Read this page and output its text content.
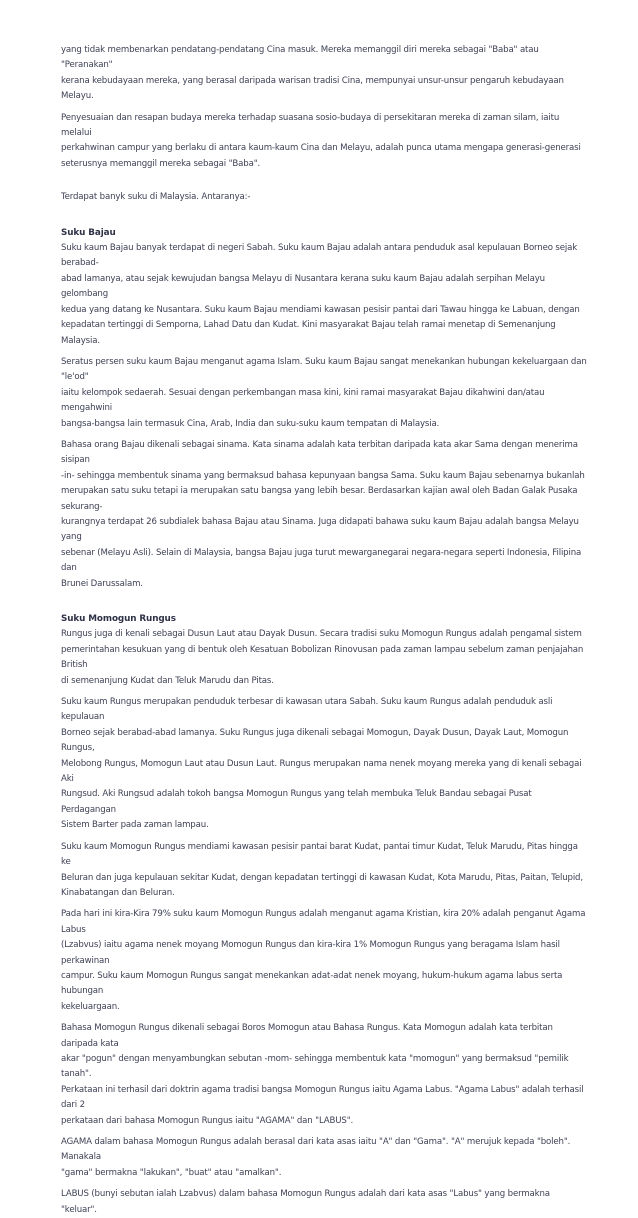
yang tidak membenarkan pendatang-pendatang Cina masuk. Mereka memanggil diri mereka sebagai "Baba" atau "Peranakan"
kerana kebudayaan mereka, yang berasal daripada warisan tradisi Cina, mempunyai unsur-unsur pengaruh kebudayaan Melayu.

Penyesuaian dan resapan budaya mereka terhadap suasana sosio-budaya di persekitaran mereka di zaman silam, iaitu melalui
perkahwinan campur yang berlaku di antara kaum-kaum Cina dan Melayu, adalah punca utama mengapa generasi-generasi
seterusnya memanggil mereka sebagai "Baba".

Terdapat banyk suku di Malaysia. Antaranya:-

Suku Bajau

Suku kaum Bajau banyak terdapat di negeri Sabah. Suku kaum Bajau adalah antara penduduk asal kepulauan Borneo sejak berabad-
abad lamanya, atau sejak kewujudan bangsa Melayu di Nusantara kerana suku kaum Bajau adalah serpihan Melayu gelombang
kedua yang datang ke Nusantara. Suku kaum Bajau mendiami kawasan pesisir pantai dari Tawau hingga ke Labuan, dengan
kepadatan tertinggi di Semporna, Lahad Datu dan Kudat. Kini masyarakat Bajau telah ramai menetap di Semenanjung Malaysia.

Seratus persen suku kaum Bajau menganut agama Islam. Suku kaum Bajau sangat menekankan hubungan kekeluargaan dan "le'od"
iaitu kelompok sedaerah. Sesuai dengan perkembangan masa kini, kini ramai masyarakat Bajau dikahwini dan/atau mengahwini
bangsa-bangsa lain termasuk Cina, Arab, India dan suku-suku kaum tempatan di Malaysia.

Bahasa orang Bajau dikenali sebagai sinama. Kata sinama adalah kata terbitan daripada kata akar Sama dengan menerima sisipan
-in- sehingga membentuk sinama yang bermaksud bahasa kepunyaan bangsa Sama. Suku kaum Bajau sebenarnya bukanlah
merupakan satu suku tetapi ia merupakan satu bangsa yang lebih besar. Berdasarkan kajian awal oleh Badan Galak Pusaka sekurang-
kurangnya terdapat 26 subdialek bahasa Bajau atau Sinama. Juga didapati bahawa suku kaum Bajau adalah bangsa Melayu yang
sebenar (Melayu Asli). Selain di Malaysia, bangsa Bajau juga turut mewarganegarai negara-negara seperti Indonesia, Filipina dan
Brunei Darussalam.

Suku Momogun Rungus

Rungus juga di kenali sebagai Dusun Laut atau Dayak Dusun. Secara tradisi suku Momogun Rungus adalah pengamal sistem
pemerintahan kesukuan yang di bentuk oleh Kesatuan Bobolizan Rinovusan pada zaman lampau sebelum zaman penjajahan British
di semenanjung Kudat dan Teluk Marudu dan Pitas.

Suku kaum Rungus merupakan penduduk terbesar di kawasan utara Sabah. Suku kaum Rungus adalah penduduk asli kepulauan
Borneo sejak berabad-abad lamanya. Suku Rungus juga dikenali sebagai Momogun, Dayak Dusun, Dayak Laut, Momogun Rungus,
Melobong Rungus, Momogun Laut atau Dusun Laut. Rungus merupakan nama nenek moyang mereka yang di kenali sebagai Aki
Rungsud. Aki Rungsud adalah tokoh bangsa Momogun Rungus yang telah membuka Teluk Bandau sebagai Pusat Perdagangan
Sistem Barter pada zaman lampau.

Suku kaum Momogun Rungus mendiami kawasan pesisir pantai barat Kudat, pantai timur Kudat, Teluk Marudu, Pitas hingga ke
Beluran dan juga kepulauan sekitar Kudat, dengan kepadatan tertinggi di kawasan Kudat, Kota Marudu, Pitas, Paitan, Telupid,
Kinabatangan dan Beluran.

Pada hari ini kira-Kira 79% suku kaum Momogun Rungus adalah menganut agama Kristian, kira 20% adalah penganut Agama Labus
(Lzabvus) iaitu agama nenek moyang Momogun Rungus dan kira-kira 1% Momogun Rungus yang beragama Islam hasil perkawinan
campur. Suku kaum Momogun Rungus sangat menekankan adat-adat nenek moyang, hukum-hukum agama labus serta hubungan
kekeluargaan.

Bahasa Momogun Rungus dikenali sebagai Boros Momogun atau Bahasa Rungus. Kata Momogun adalah kata terbitan daripada kata
akar "pogun" dengan menyambungkan sebutan -mom- sehingga membentuk kata "momogun" yang bermaksud "pemilik tanah".
Perkataan ini terhasil dari doktrin agama tradisi bangsa Momogun Rungus iaitu Agama Labus. "Agama Labus" adalah terhasil dari 2
perkataan dari bahasa Momogun Rungus iaitu "AGAMA" dan "LABUS".

AGAMA dalam bahasa Momogun Rungus adalah berasal dari kata asas iaitu "A" dan "Gama". "A" merujuk kepada "boleh". Manakala
"gama" bermakna "lakukan", "buat" atau "amalkan".

LABUS (bunyi sebutan ialah Lzabvus) dalam bahasa Momogun Rungus adalah dari kata asas "Labus" yang bermakna "keluar".
